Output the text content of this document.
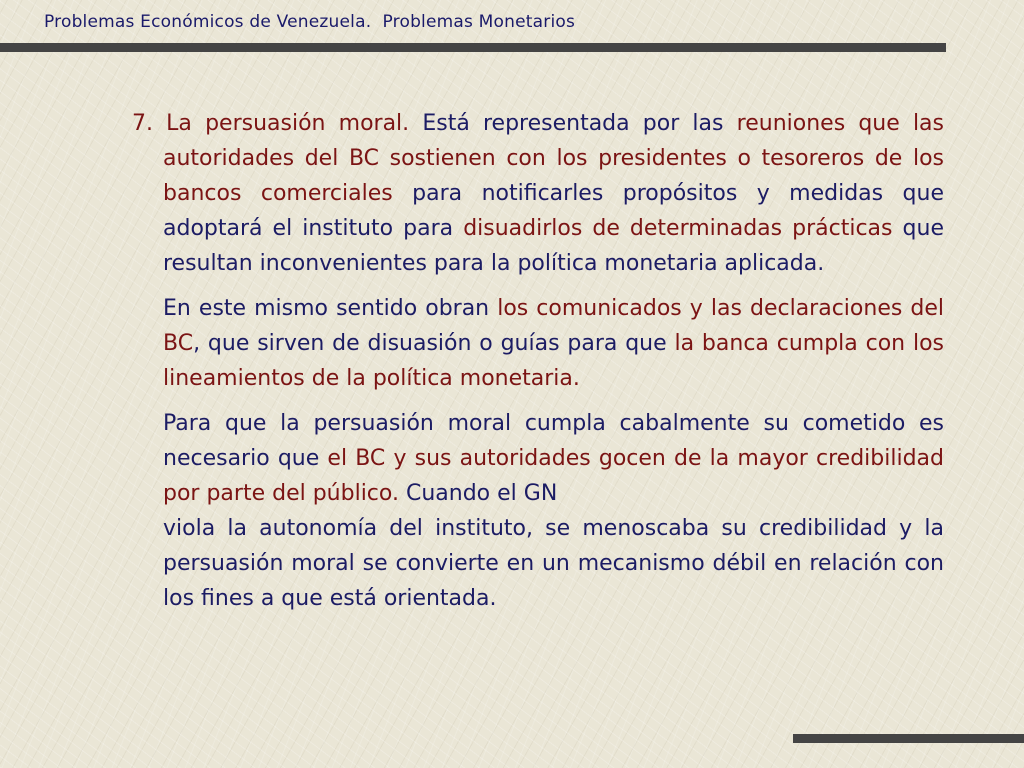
Problemas Económicos de Venezuela.  Problemas Monetarios

7. La persuasión moral. Está representada por las reuniones que las autoridades del BC sostienen con los presidentes o tesoreros de los bancos comerciales para notificarles propósitos y medidas que adoptará el instituto para disuadirlos de determinadas prácticas que resultan inconvenientes para la política monetaria aplicada.

En este mismo sentido obran los comunicados y las declaraciones del BC, que sirven de disuasión o guías para que la banca cumpla con los lineamientos de la política monetaria.

Para que la persuasión moral cumpla cabalmente su cometido es necesario que el BC y sus autoridades gocen de la mayor credibilidad por parte del público. Cuando el GN
viola la autonomía del instituto, se menoscaba su credibilidad y la persuasión moral se convierte en un mecanismo débil en relación con los fines a que está orientada.
